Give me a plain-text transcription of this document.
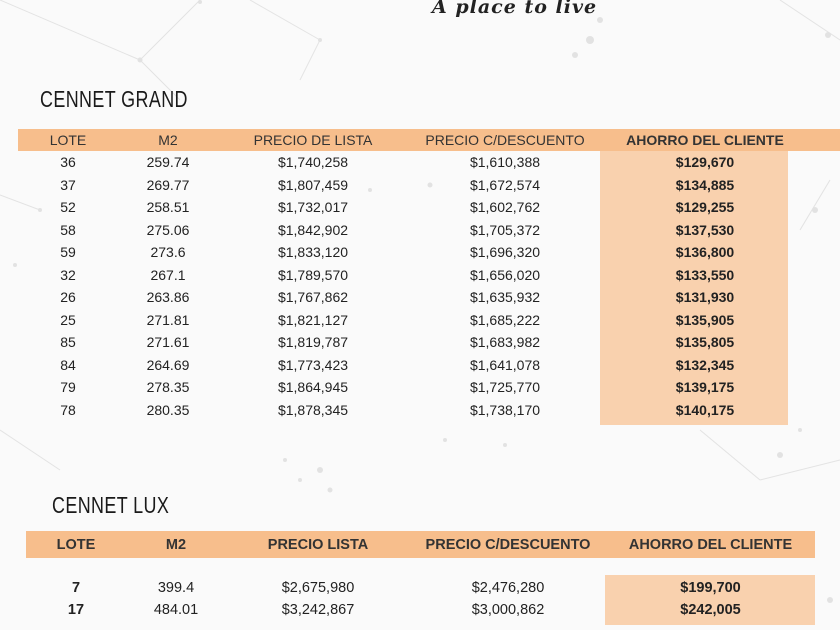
A place to live
CENNET GRAND
LOTE	M2	PRECIO DE LISTA	PRECIO C/DESCUENTO	AHORRO DEL CLIENTE
36	259.74	$1,740,258	$1,610,388	$129,670
37	269.77	$1,807,459	$1,672,574	$134,885
52	258.51	$1,732,017	$1,602,762	$129,255
58	275.06	$1,842,902	$1,705,372	$137,530
59	273.6	$1,833,120	$1,696,320	$136,800
32	267.1	$1,789,570	$1,656,020	$133,550
26	263.86	$1,767,862	$1,635,932	$131,930
25	271.81	$1,821,127	$1,685,222	$135,905
85	271.61	$1,819,787	$1,683,982	$135,805
84	264.69	$1,773,423	$1,641,078	$132,345
79	278.35	$1,864,945	$1,725,770	$139,175
78	280.35	$1,878,345	$1,738,170	$140,175
CENNET LUX
LOTE	M2	PRECIO LISTA	PRECIO C/DESCUENTO	AHORRO DEL CLIENTE

7	399.4	$2,675,980	$2,476,280	$199,700
17	484.01	$3,242,867	$3,000,862	$242,005
